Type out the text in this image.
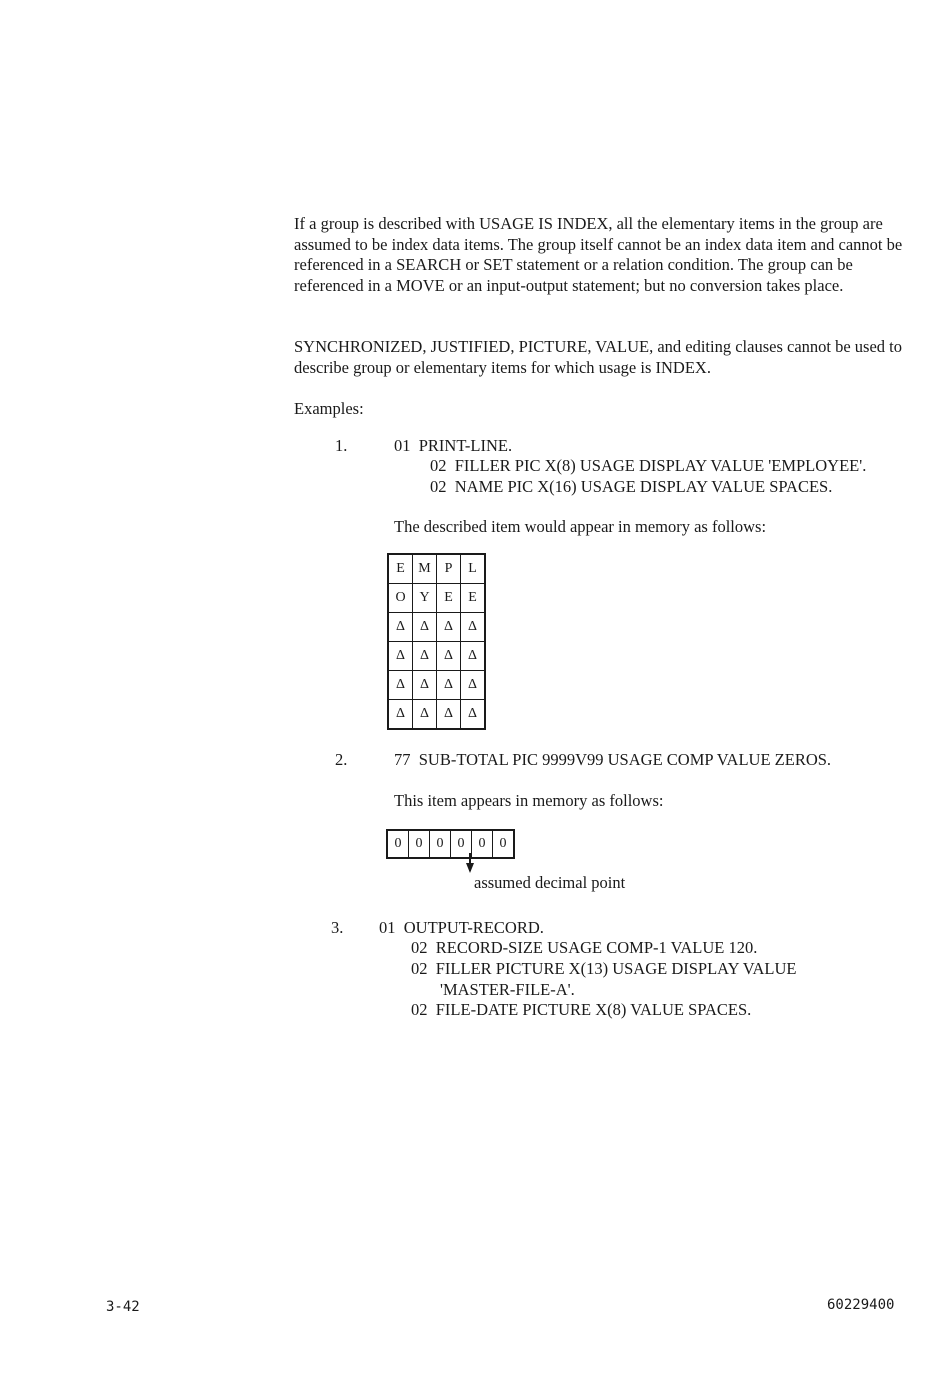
If a group is described with USAGE IS INDEX, all the elementary items in the group are assumed to be index data items. The group itself cannot be an index data item and cannot be referenced in a SEARCH or SET statement or a relation condition. The group can be referenced in a MOVE or an input-output statement; but no conversion takes place.
SYNCHRONIZED, JUSTIFIED, PICTURE, VALUE, and editing clauses cannot be used to describe group or elementary items for which usage is INDEX.
Examples:
1.	01  PRINT-LINE.
02  FILLER PIC X(8) USAGE DISPLAY VALUE 'EMPLOYEE'.
02  NAME PIC X(16) USAGE DISPLAY VALUE SPACES.
The described item would appear in memory as follows:
E	M	P	L
O	Y	E	E
Δ	Δ	Δ	Δ
Δ	Δ	Δ	Δ
Δ	Δ	Δ	Δ
Δ	Δ	Δ	Δ
2.	77  SUB-TOTAL PIC 9999V99 USAGE COMP VALUE ZEROS.
This item appears in memory as follows:
0	0	0	0	0	0
assumed decimal point
3. 01  OUTPUT-RECORD.
02  RECORD-SIZE USAGE COMP-1 VALUE 120.
02  FILLER PICTURE X(13) USAGE DISPLAY VALUE
'MASTER-FILE-A'.
02  FILE-DATE PICTURE X(8) VALUE SPACES.
3-42	60229400
